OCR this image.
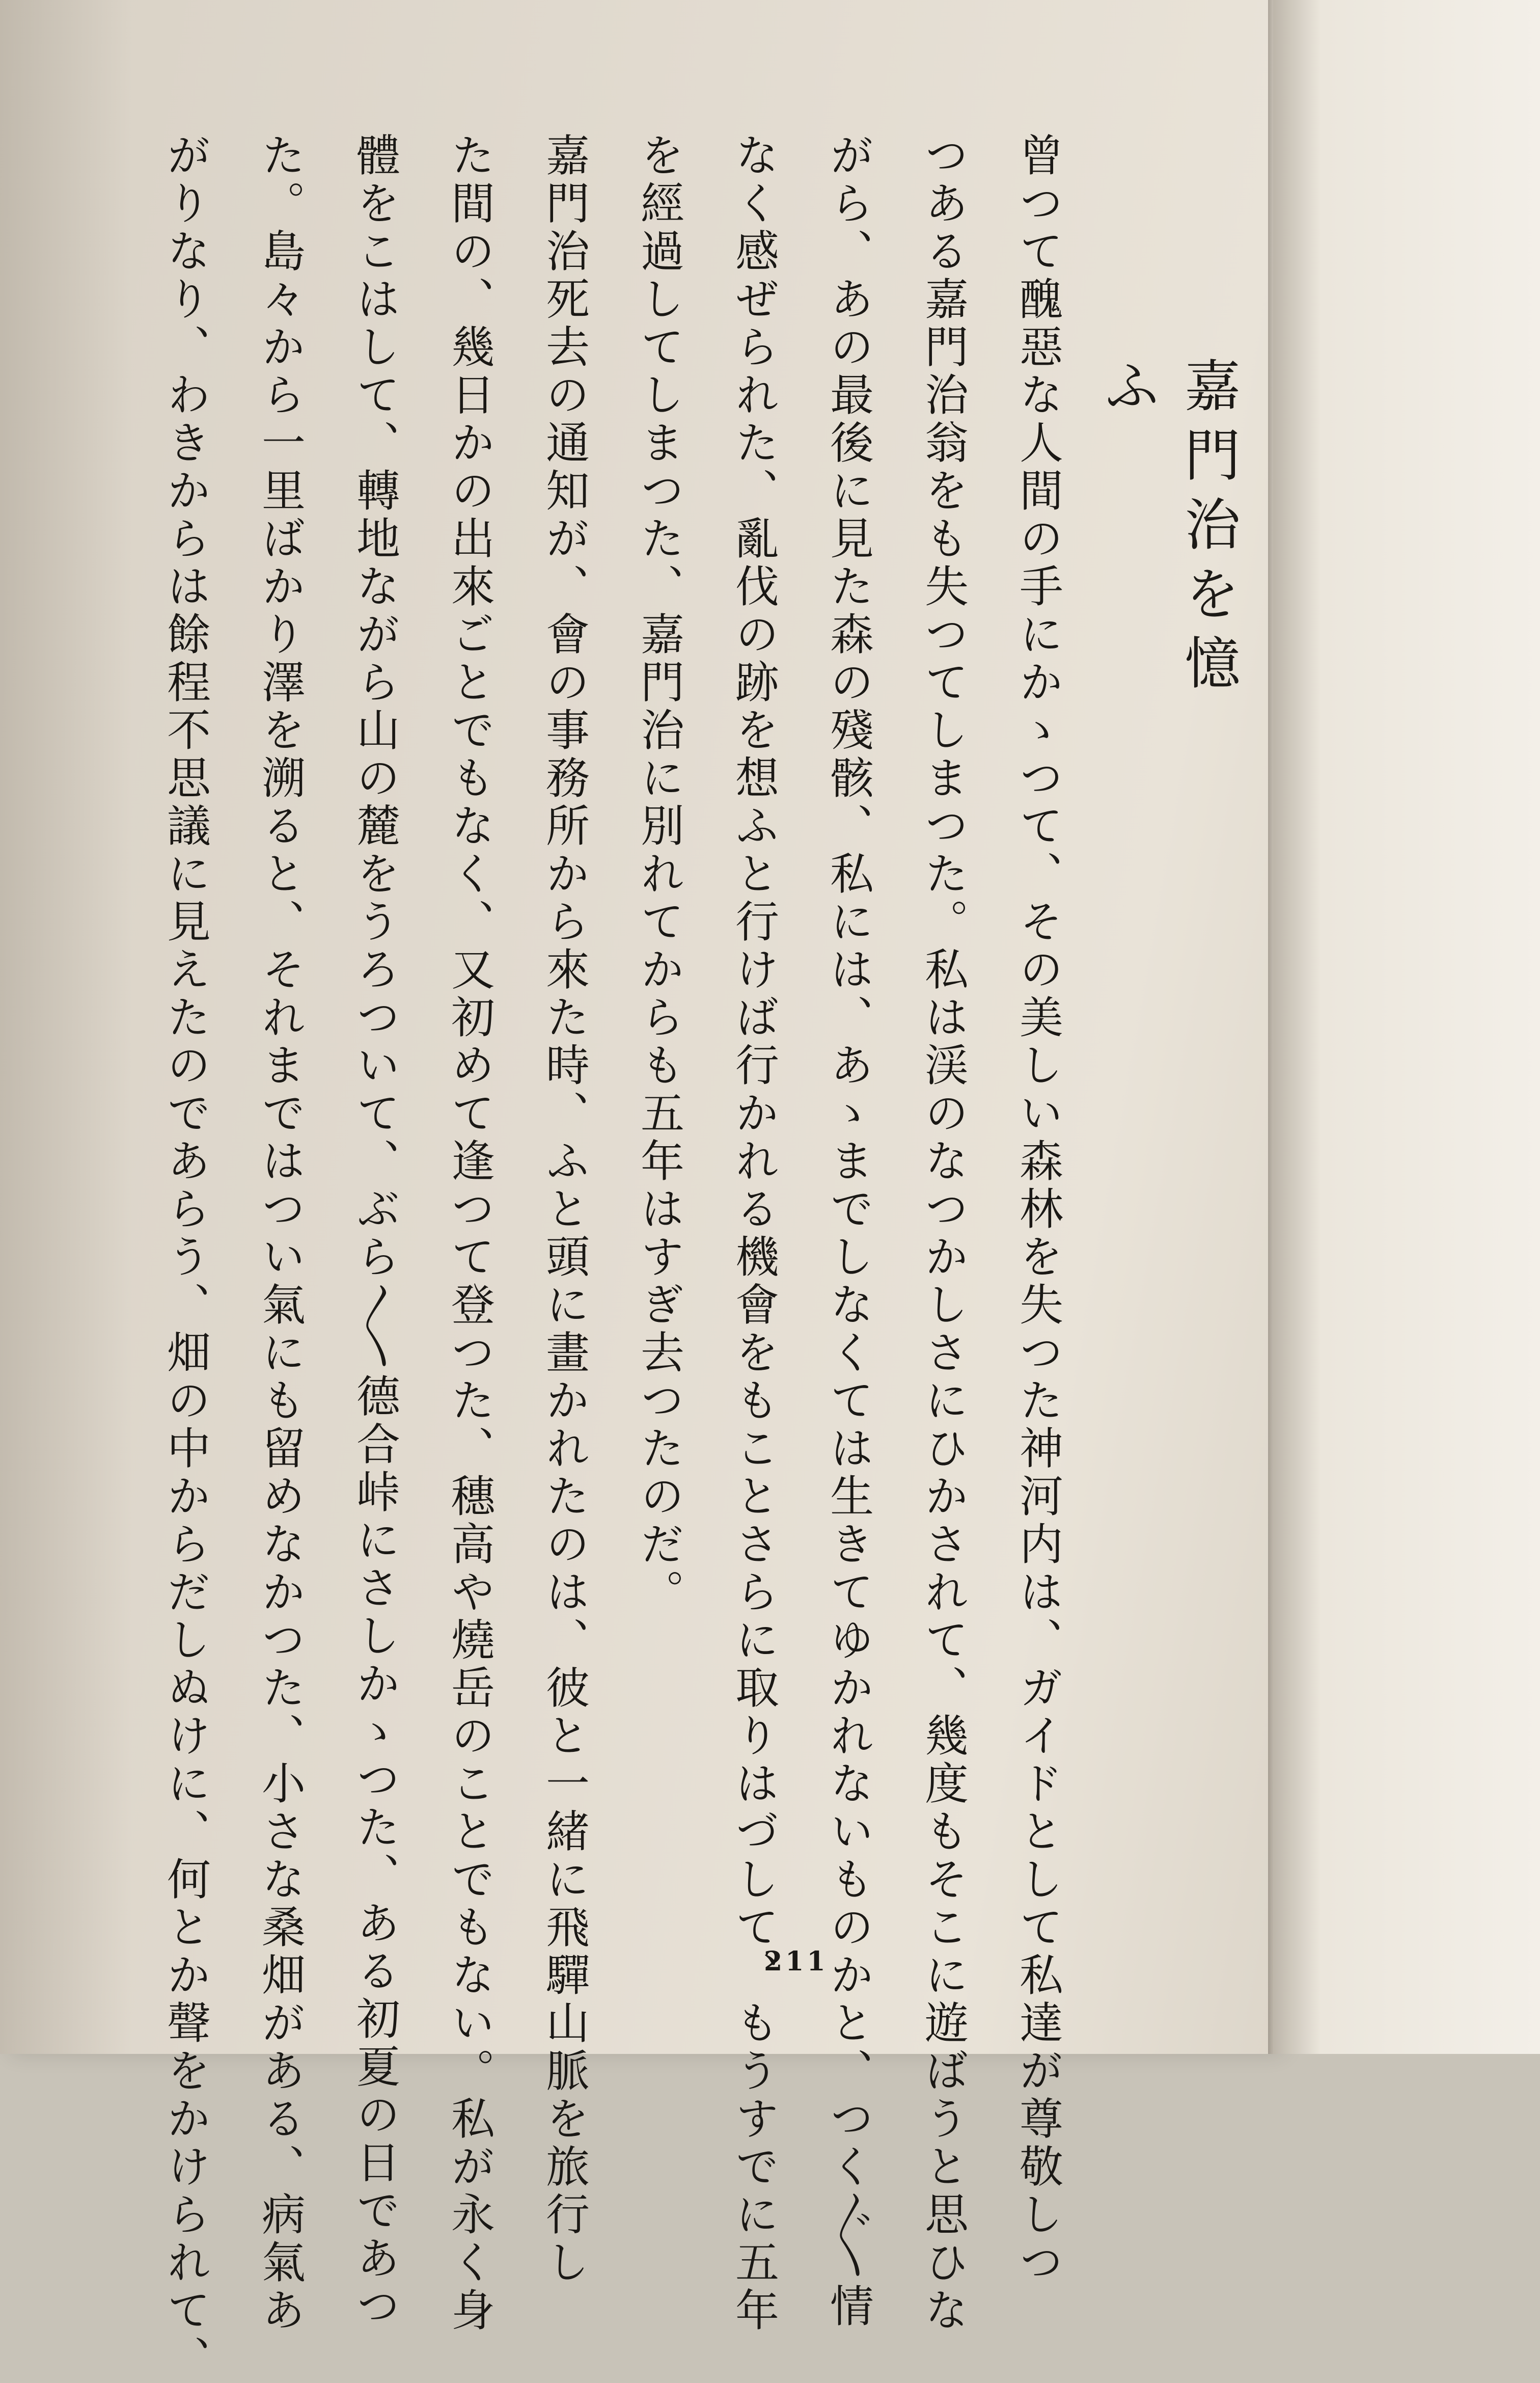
嘉門治を憶ふ
曾つて醜惡な人間の手にかゝつて、その美しい森林を失つた神河内は、ガイドとして私達が尊敬しつ
つある嘉門治翁をも失つてしまつた。私は渓のなつかしさにひかされて、幾度もそこに遊ばうと思ひな
がら、あの最後に見た森の殘骸、私には、あゝまでしなくては生きてゆかれないものかと、つく〴〵情
なく感ぜられた、亂伐の跡を想ふと行けば行かれる機會をもことさらに取りはづして、もうすでに五年
を經過してしまつた、嘉門治に別れてからも五年はすぎ去つたのだ。
嘉門治死去の通知が、會の事務所から來た時、ふと頭に畫かれたのは、彼と一緒に飛驒山脈を旅行し
た間の、幾日かの出來ごとでもなく、又初めて逢つて登つた、穗高や燒岳のことでもない。私が永く身
體をこはして、轉地ながら山の麓をうろついて、ぶら〳〵德合峠にさしかゝつた、ある初夏の日であつ
た。島々から一里ばかり澤を溯ると、それまではつい氣にも留めなかつた、小さな桑畑がある、病氣あ
がりなり、わきからは餘程不思議に見えたのであらう、畑の中からだしぬけに、何とか聲をかけられて、	211
